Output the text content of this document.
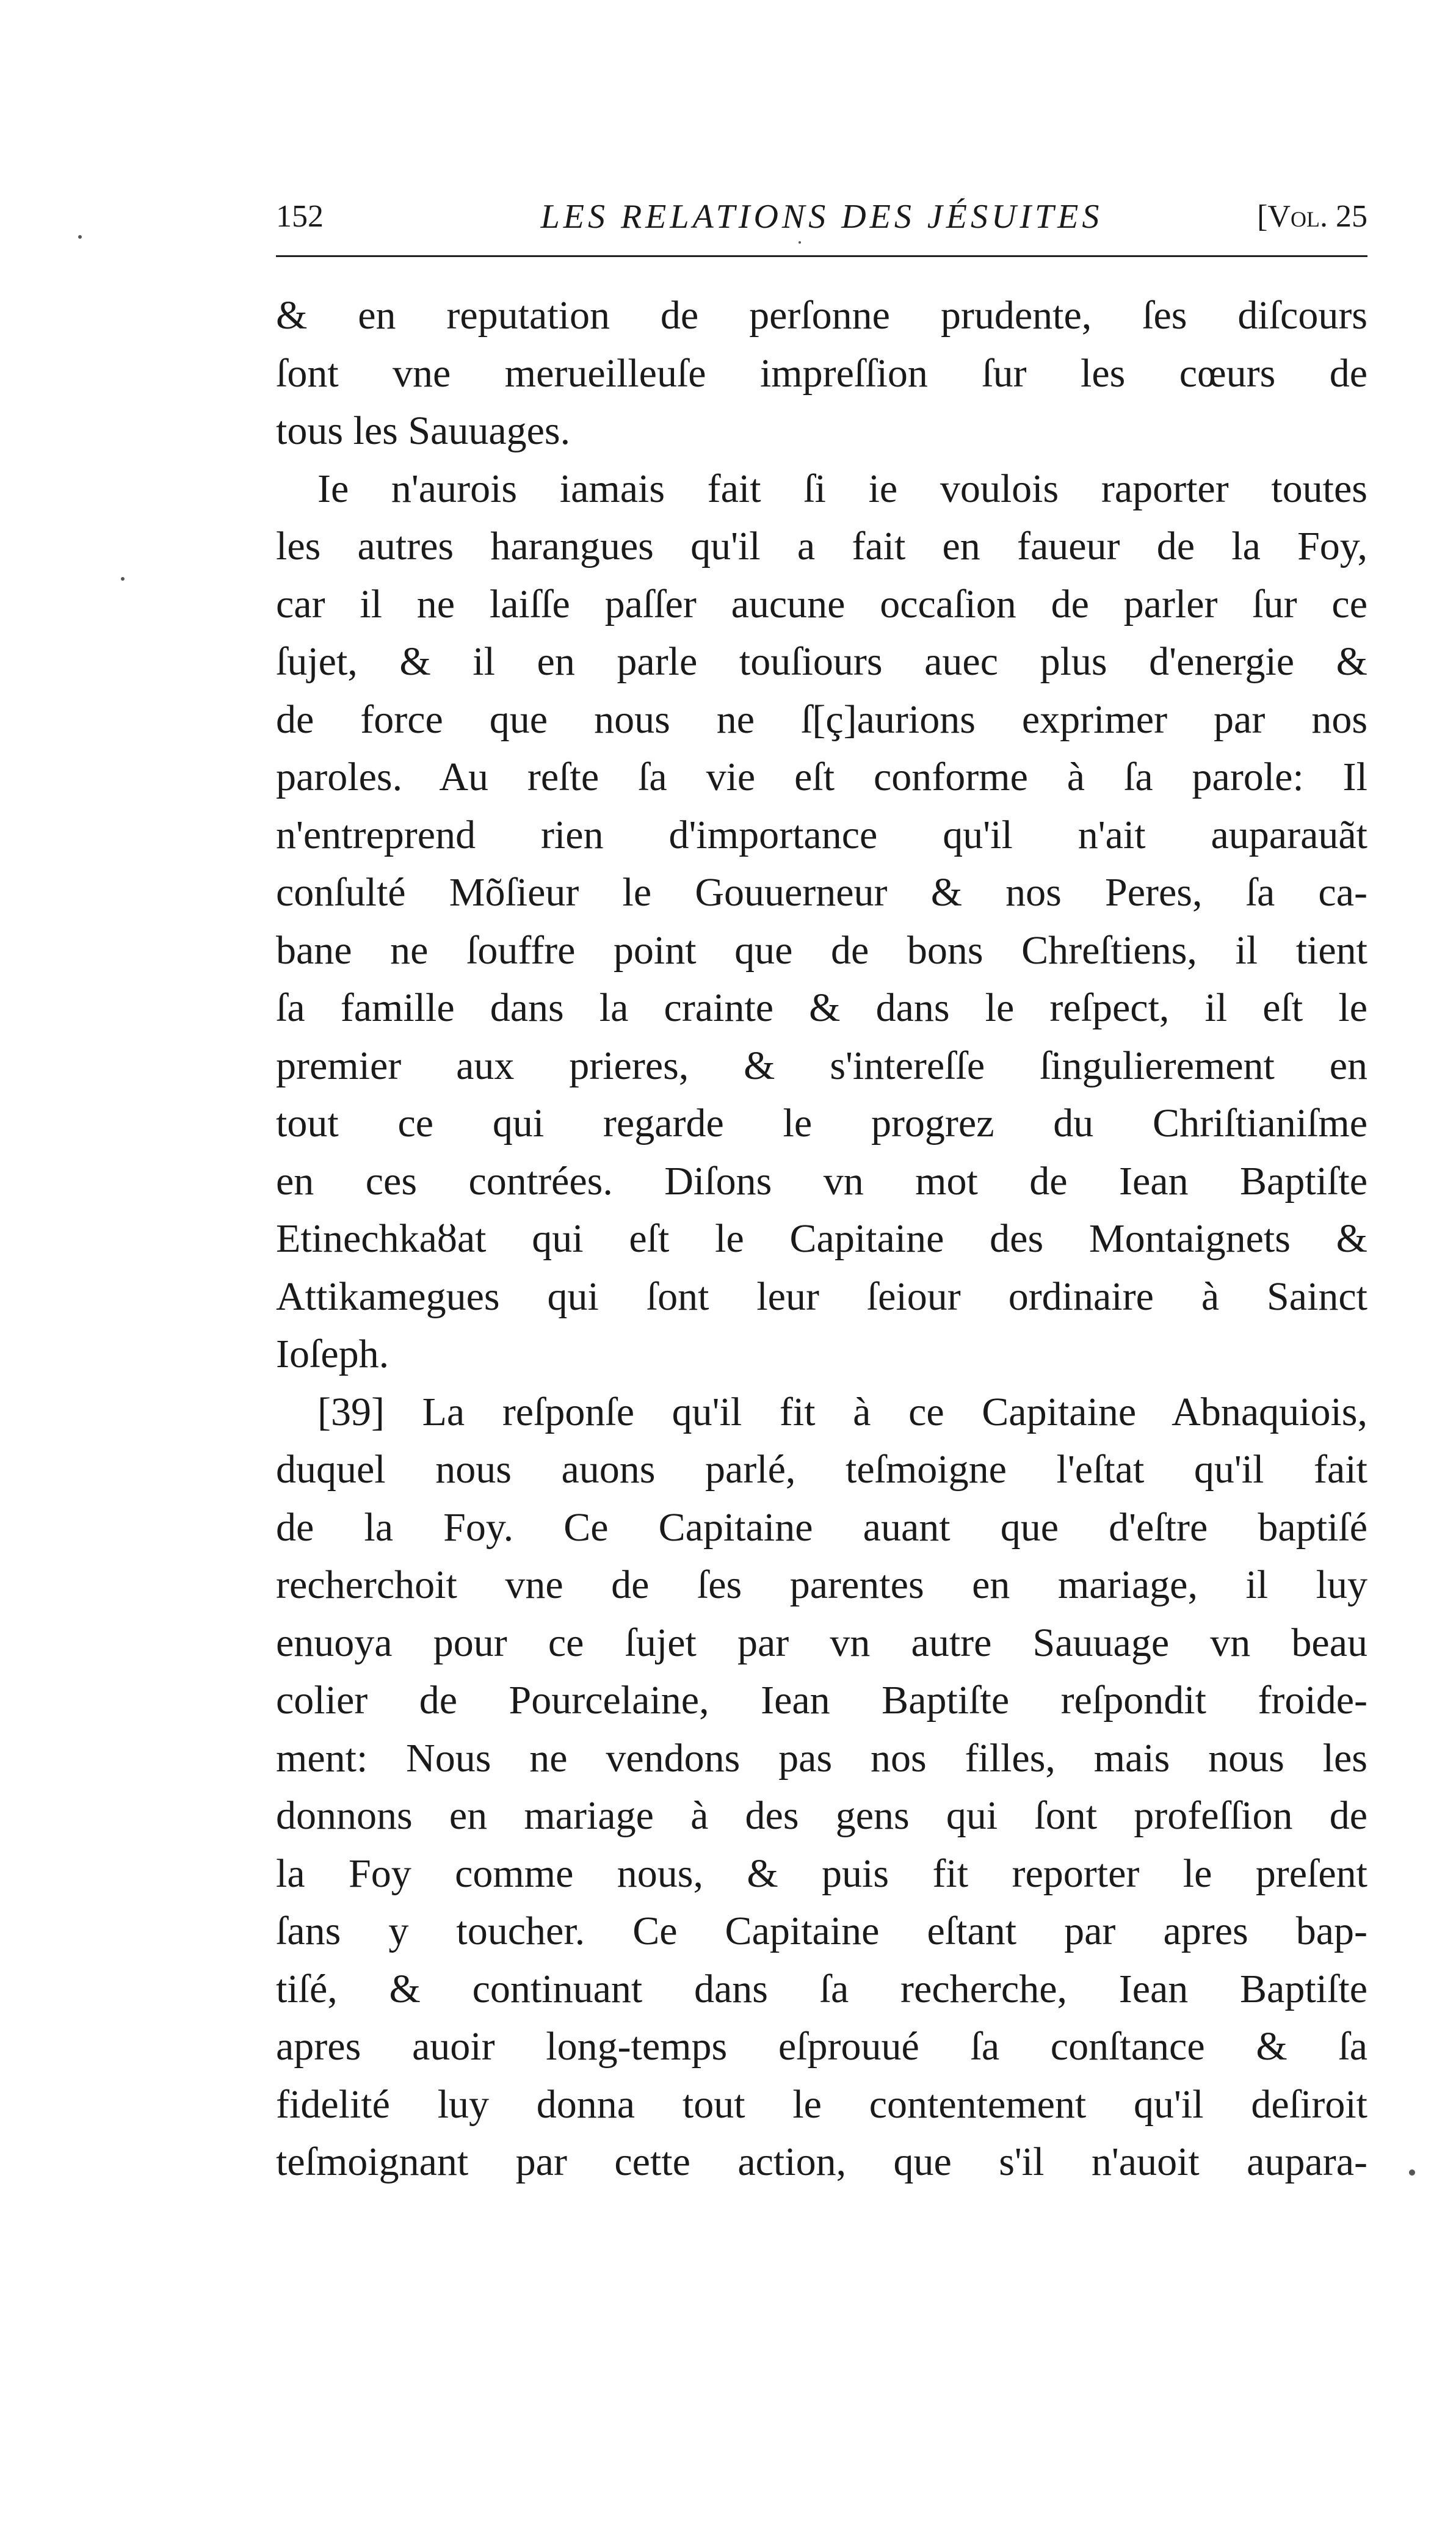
152	LES RELATIONS DES JÉSUITES	[Vol. 25
& en reputation de perſonne prudente, ſes diſcours
ſont vne merueilleuſe impreſſion ſur les cœurs de
tous les Sauuages.
Ie n'aurois iamais fait ſi ie voulois raporter toutes
les autres harangues qu'il a fait en faueur de la Foy,
car il ne laiſſe paſſer aucune occaſion de parler ſur ce
ſujet, & il en parle touſiours auec plus d'energie &
de force que nous ne ſ[ç]aurions exprimer par nos
paroles. Au reſte ſa vie eſt conforme à ſa parole: Il
n'entreprend rien d'importance qu'il n'ait auparauãt
conſulté Mõſieur le Gouuerneur & nos Peres, ſa ca-
bane ne ſouffre point que de bons Chreſtiens, il tient
ſa famille dans la crainte & dans le reſpect, il eſt le
premier aux prieres, & s'intereſſe ſingulierement en
tout ce qui regarde le progrez du Chriſtianiſme
en ces contrées. Diſons vn mot de Iean Baptiſte
Etinechkaȣat qui eſt le Capitaine des Montaignets &
Attikamegues qui ſont leur ſeiour ordinaire à Sainct
Ioſeph.
[39] La reſponſe qu'il fit à ce Capitaine Abnaquiois,
duquel nous auons parlé, teſmoigne l'eſtat qu'il fait
de la Foy. Ce Capitaine auant que d'eſtre baptiſé
recherchoit vne de ſes parentes en mariage, il luy
enuoya pour ce ſujet par vn autre Sauuage vn beau
colier de Pourcelaine, Iean Baptiſte reſpondit froide-
ment: Nous ne vendons pas nos filles, mais nous les
donnons en mariage à des gens qui ſont profeſſion de
la Foy comme nous, & puis fit reporter le preſent
ſans y toucher. Ce Capitaine eſtant par apres bap-
tiſé, & continuant dans ſa recherche, Iean Baptiſte
apres auoir long-temps eſprouué ſa conſtance & ſa
fidelité luy donna tout le contentement qu'il deſiroit
teſmoignant par cette action, que s'il n'auoit aupara-
